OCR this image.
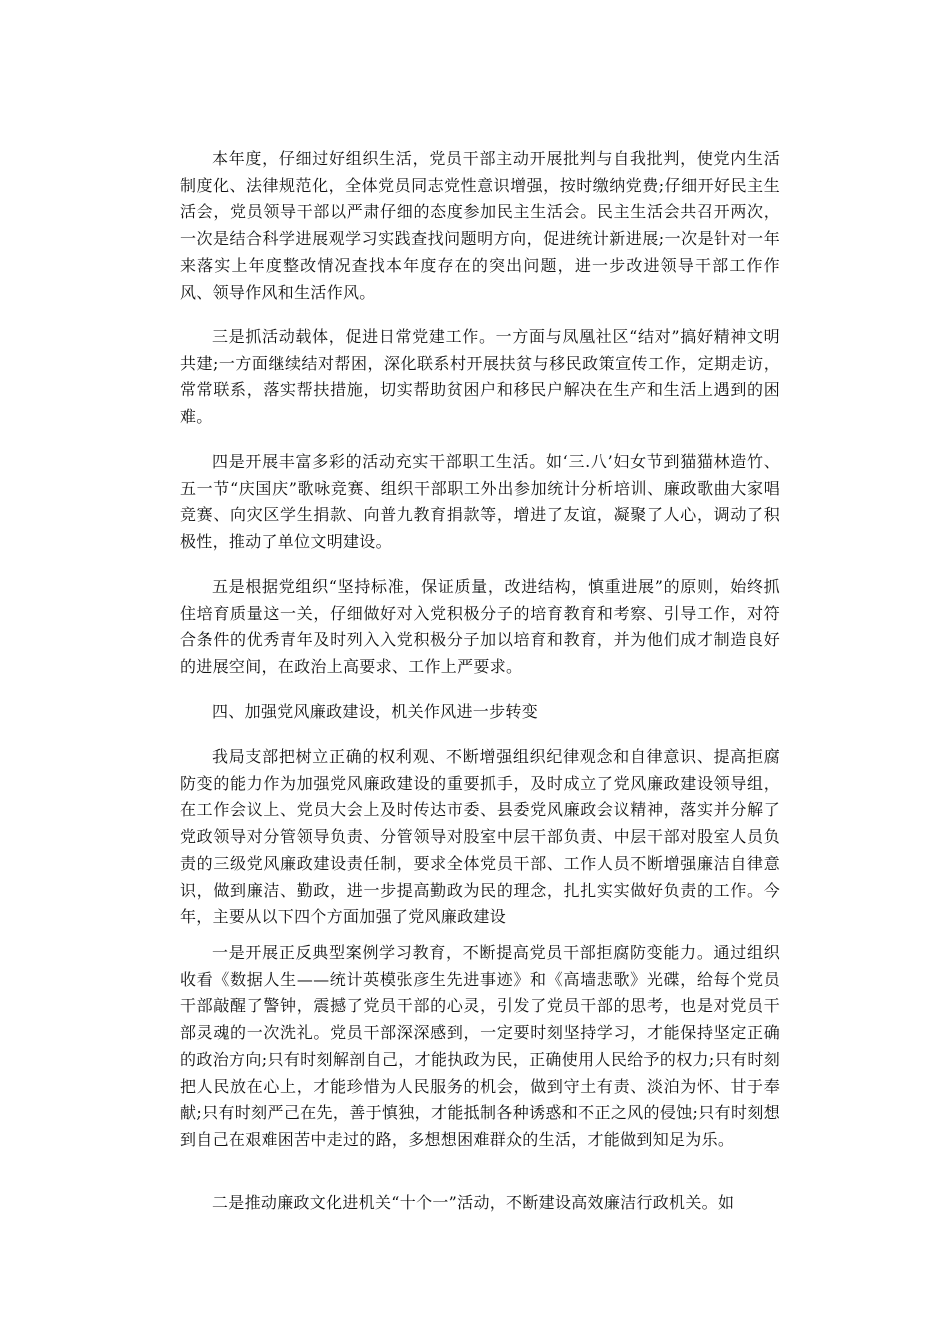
本年度，仔细过好组织生活，党员干部主动开展批判与自我批判，使党内生活制度化、法律规范化，全体党员同志党性意识增强，按时缴纳党费;仔细开好民主生活会，党员领导干部以严肃仔细的态度参加民主生活会。民主生活会共召开两次，一次是结合科学进展观学习实践查找问题明方向，促进统计新进展;一次是针对一年来落实上年度整改情况查找本年度存在的突出问题，进一步改进领导干部工作作风、领导作风和生活作风。

三是抓活动载体，促进日常党建工作。一方面与凤凰社区“结对”搞好精神文明共建;一方面继续结对帮困，深化联系村开展扶贫与移民政策宣传工作，定期走访，常常联系，落实帮扶措施，切实帮助贫困户和移民户解决在生产和生活上遇到的困难。

四是开展丰富多彩的活动充实干部职工生活。如‘三.八’妇女节到猫猫林造竹、五一节“庆国庆”歌咏竞赛、组织干部职工外出参加统计分析培训、廉政歌曲大家唱竞赛、向灾区学生捐款、向普九教育捐款等，增进了友谊，凝聚了人心，调动了积极性，推动了单位文明建设。

五是根据党组织“坚持标准，保证质量，改进结构，慎重进展”的原则，始终抓住培育质量这一关，仔细做好对入党积极分子的培育教育和考察、引导工作，对符合条件的优秀青年及时列入入党积极分子加以培育和教育，并为他们成才制造良好的进展空间，在政治上高要求、工作上严要求。

四、加强党风廉政建设，机关作风进一步转变

我局支部把树立正确的权利观、不断增强组织纪律观念和自律意识、提高拒腐防变的能力作为加强党风廉政建设的重要抓手，及时成立了党风廉政建设领导组，在工作会议上、党员大会上及时传达市委、县委党风廉政会议精神，落实并分解了党政领导对分管领导负责、分管领导对股室中层干部负责、中层干部对股室人员负责的三级党风廉政建设责任制，要求全体党员干部、工作人员不断增强廉洁自律意识，做到廉洁、勤政，进一步提高勤政为民的理念，扎扎实实做好负责的工作。今年，主要从以下四个方面加强了党风廉政建设

一是开展正反典型案例学习教育，不断提高党员干部拒腐防变能力。通过组织收看《数据人生——统计英模张彦生先进事迹》和《高墙悲歌》光碟，给每个党员干部敲醒了警钟，震撼了党员干部的心灵，引发了党员干部的思考，也是对党员干部灵魂的一次洗礼。党员干部深深感到，一定要时刻坚持学习，才能保持坚定正确的政治方向;只有时刻解剖自己，才能执政为民，正确使用人民给予的权力;只有时刻把人民放在心上，才能珍惜为人民服务的机会，做到守土有责、淡泊为怀、甘于奉献;只有时刻严己在先，善于慎独，才能抵制各种诱惑和不正之风的侵蚀;只有时刻想到自己在艰难困苦中走过的路，多想想困难群众的生活，才能做到知足为乐。

二是推动廉政文化进机关“十个一”活动，不断建设高效廉洁行政机关。如
